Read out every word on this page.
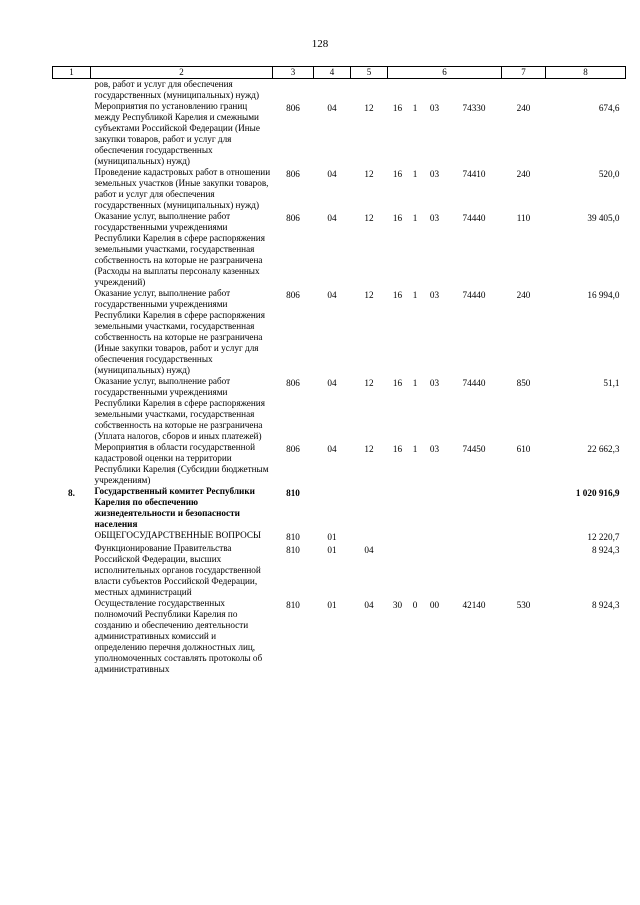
128
1	2	3	4	5	6				7	8
	ров, работ и услуг для обеспечения государственных (муниципальных) нужд)									
	Мероприятия по установлению границ между Республикой Карелия и смежными субъектами Российской Федерации (Иные закупки товаров, работ и услуг для обеспечения государственных (муниципальных) нужд)	806	04	12	16	1	03	74330	240	674,6
	Проведение кадастровых работ в отношении земельных участков (Иные закупки товаров, работ и услуг для обеспечения государственных (муниципальных) нужд)	806	04	12	16	1	03	74410	240	520,0
	Оказание услуг, выполнение работ государственными учреждениями Республики Карелия в сфере распоряжения земельными участками, государственная собственность на которые не разграничена (Расходы на выплаты персоналу казенных учреждений)	806	04	12	16	1	03	74440	110	39 405,0
	Оказание услуг, выполнение работ государственными учреждениями Республики Карелия в сфере распоряжения земельными участками, государственная собственность на которые не разграничена (Иные закупки товаров, работ и услуг для обеспечения государственных (муниципальных) нужд)	806	04	12	16	1	03	74440	240	16 994,0
	Оказание услуг, выполнение работ государственными учреждениями Республики Карелия в сфере распоряжения земельными участками, государственная собственность на которые не разграничена (Уплата налогов, сборов и иных платежей)	806	04	12	16	1	03	74440	850	51,1
	Мероприятия в области государственной кадастровой оценки на территории Республики Карелия (Субсидии бюджетным учреждениям)	806	04	12	16	1	03	74450	610	22 662,3
8.	Государственный комитет Республики Карелия по обеспечению жизнедеятельности и безопасности населения	810								1 020 916,9
	ОБЩЕГОСУДАРСТВЕННЫЕ ВОПРОСЫ	810	01							12 220,7
	Функционирование Правительства Российской Федерации, высших исполнительных органов государственной власти субъектов Российской Федерации, местных администраций	810	01	04						8 924,3
	Осуществление государственных полномочий Республики Карелия по созданию и обеспечению деятельности административных комиссий и определению перечня должностных лиц, уполномоченных составлять протоколы об административных	810	01	04	30	0	00	42140	530	8 924,3
